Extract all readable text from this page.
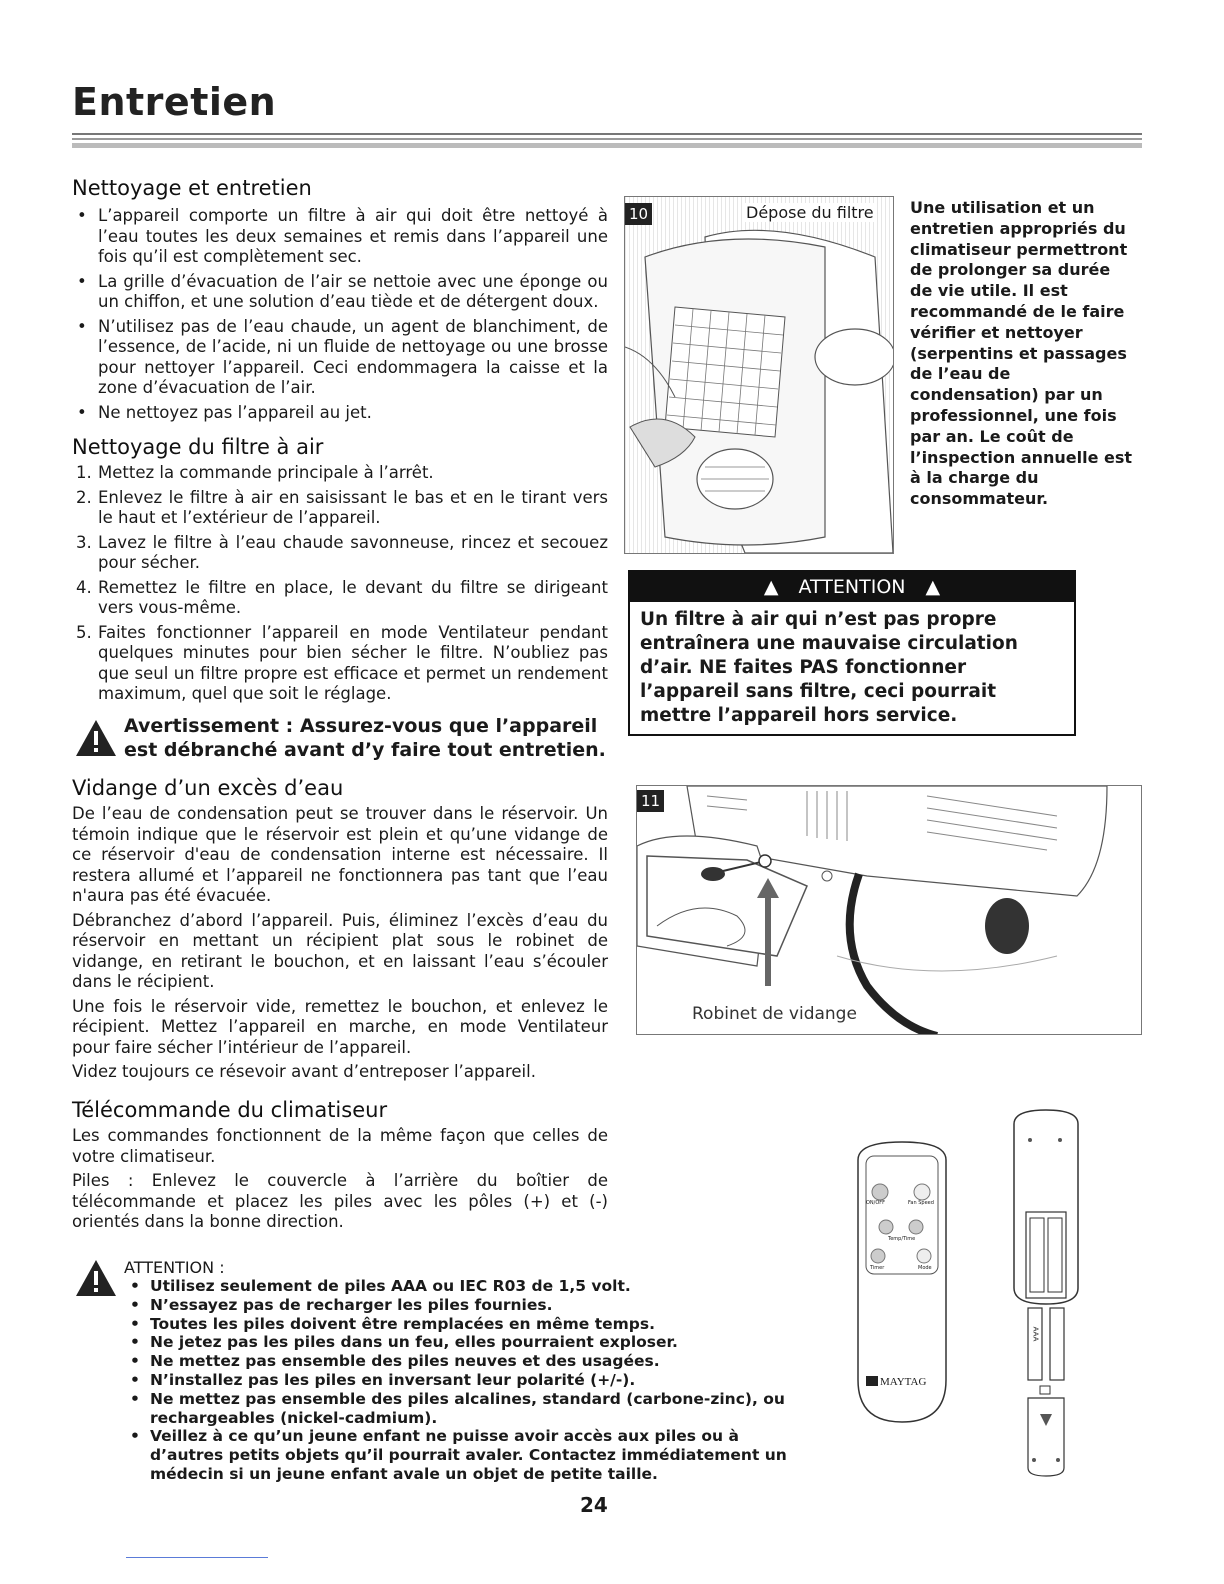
Entretien
Nettoyage et entretien
• L’appareil comporte un filtre à air qui doit être nettoyé à l’eau toutes les deux semaines et remis dans l’appareil une fois qu’il est complètement sec.
• La grille d’évacuation de l’air se nettoie avec une éponge ou un chiffon, et une solution d’eau tiède et de détergent doux.
• N’utilisez pas de l’eau chaude, un agent de blanchiment, de l’essence, de l’acide, ni un fluide de nettoyage ou une brosse pour nettoyer l’appareil. Ceci endommagera la caisse et la zone d’évacuation de l’air.
• Ne nettoyez pas l’appareil au jet.
Nettoyage du filtre à air
1. Mettez la commande principale à l’arrêt.
2. Enlevez le filtre à air en saisissant le bas et en le tirant vers le haut et l’extérieur de l’appareil.
3. Lavez le filtre à l’eau chaude savonneuse, rincez et secouez pour sécher.
4. Remettez le filtre en place, le devant du filtre se dirigeant vers vous-même.
5. Faites fonctionner l’appareil en mode Ventilateur pendant quelques minutes pour bien sécher le filtre. N’oubliez pas que seul un filtre propre est efficace et permet un rendement maximum, quel que soit le réglage.
Avertissement : Assurez-vous que l’appareil est débranché avant d’y faire tout entretien.
Vidange d’un excès d’eau

De l’eau de condensation peut se trouver dans le réservoir. Un témoin indique que le réservoir est plein et qu’une vidange de ce réservoir d'eau de condensation interne est nécessaire. Il restera allumé et l’appareil ne fonctionnera pas tant que l’eau n'aura pas été évacuée.

Débranchez d’abord l’appareil. Puis, éliminez l’excès d’eau du réservoir en mettant un récipient plat sous le robinet de vidange, en retirant le bouchon, et en laissant l’eau s’écouler dans le récipient.

Une fois le réservoir vide, remettez le bouchon, et enlevez le récipient. Mettez l’appareil en marche, en mode Ventilateur pour faire sécher l’intérieur de l’appareil.

Videz toujours ce résevoir avant d’entreposer l’appareil.

Télécommande du climatiseur

Les commandes fonctionnent de la même façon que celles de votre climatiseur.

Piles : Enlevez le couvercle à l’arrière du boîtier de télécommande et placez les piles avec les pôles (+) et (-) orientés dans la bonne direction.

ATTENTION :
• Utilisez seulement de piles AAA ou IEC R03 de 1,5 volt.
• N’essayez pas de recharger les piles fournies.
• Toutes les piles doivent être remplacées en même temps.
• Ne jetez pas les piles dans un feu, elles pourraient exploser.
• Ne mettez pas ensemble des piles neuves et des usagées.
• N’installez pas les piles en inversant leur polarité (+/-).
• Ne mettez pas ensemble des piles alcalines, standard (carbone-zinc), ou rechargeables (nickel-cadmium).
• Veillez à ce qu’un jeune enfant ne puisse avoir accès aux piles ou à d’autres petits objets qu’il pourrait avaler. Contactez immédiatement un médecin si un jeune enfant avale un objet de petite taille.
10	Dépose du filtre Une utilisation et un entretien appropriés du climatiseur permettront de prolonger sa durée de vie utile. Il est recommandé de le faire vérifier et nettoyer (serpentins et passages de l’eau de condensation) par un professionnel, une fois par an. Le coût de l’inspection annuelle est à la charge du consommateur.
▲ ATTENTION ▲
Un filtre à air qui n’est pas propre entraînera une mauvaise circulation d’air. NE faites PAS fonctionner l’appareil sans filtre, ceci pourrait mettre l’appareil hors service.
11
Robinet de vidange
ON/OFF	Fan Speed
Temp/Time
Timer	Mode
MAYTAG
AAA
24
